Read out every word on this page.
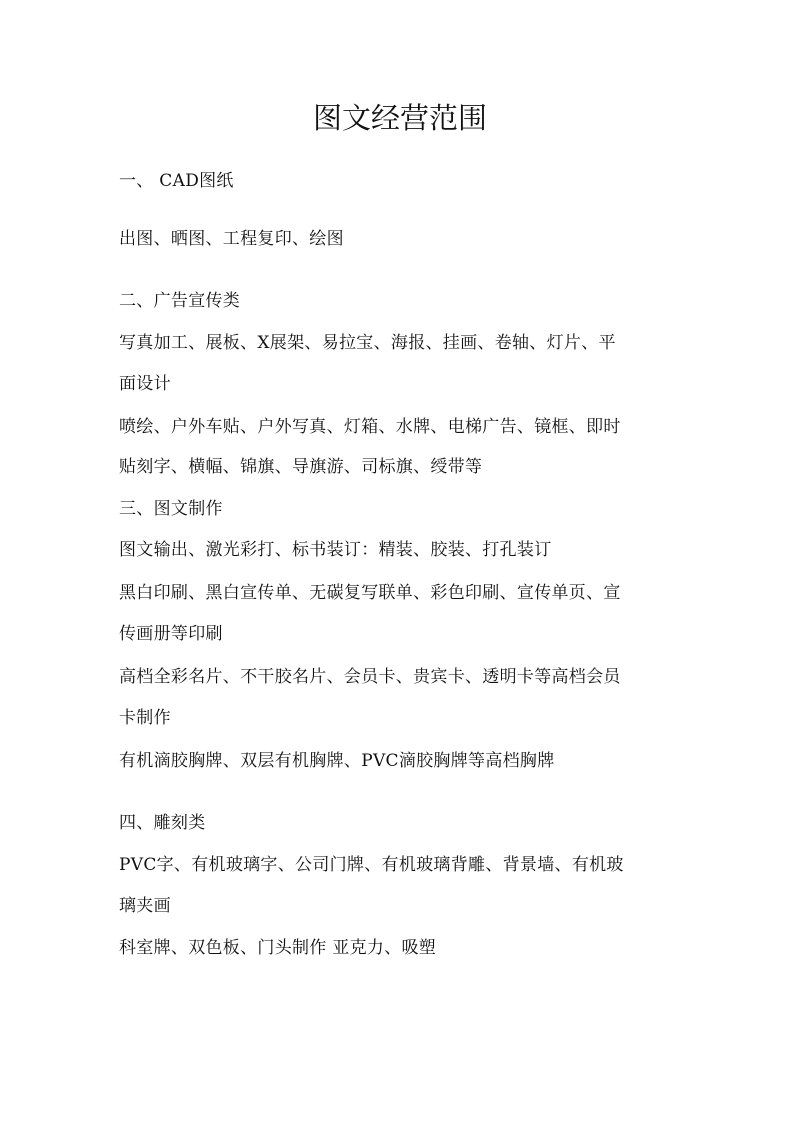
图文经营范围
一、 CAD图纸
出图、晒图、工程复印、绘图
二、广告宣传类
写真加工、展板、X展架、易拉宝、海报、挂画、卷轴、灯片、平
面设计
喷绘、户外车贴、户外写真、灯箱、水牌、电梯广告、镜框、即时
贴刻字、横幅、锦旗、导旗游、司标旗、绶带等
三、图文制作
图文输出、激光彩打、标书装订：精装、胶装、打孔装订
黑白印刷、黑白宣传单、无碳复写联单、彩色印刷、宣传单页、宣
传画册等印刷
高档全彩名片、不干胶名片、会员卡、贵宾卡、透明卡等高档会员
卡制作
有机滴胶胸牌、双层有机胸牌、PVC滴胶胸牌等高档胸牌
四、雕刻类
PVC字、有机玻璃字、公司门牌、有机玻璃背雕、背景墙、有机玻
璃夹画
科室牌、双色板、门头制作 亚克力、吸塑
